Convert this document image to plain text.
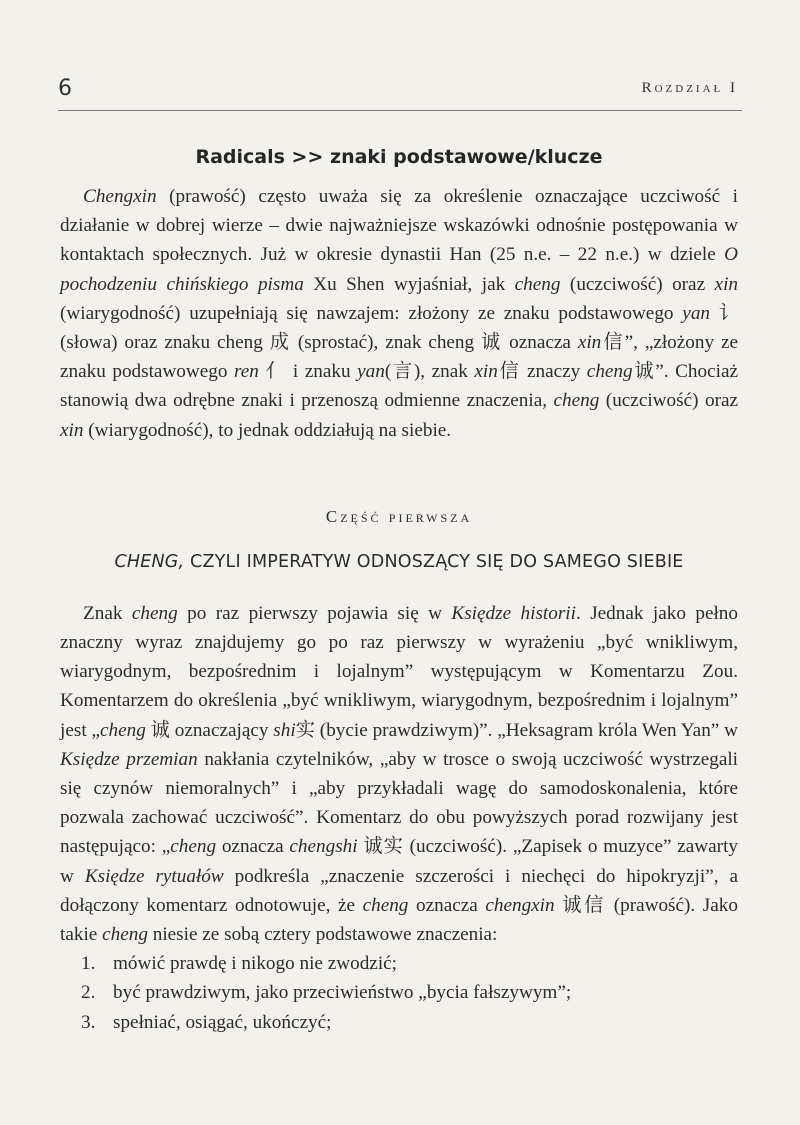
6	Rozdział I
Radicals >> znaki podstawowe/klucze

Chengxin (prawość) często uważa się za określenie oznaczające uczciwość i działanie w dobrej wierze – dwie najważniejsze wskazówki odnośnie postępowania w kontaktach społecznych. Już w okresie dynastii Han (25 n.e. – 22 n.e.) w dziele O pochodzeniu chińskiego pisma Xu Shen wyjaśniał, jak cheng (uczciwość) oraz xin (wiarygodność) uzupełniają się nawzajem: złożony ze znaku podstawowego yan 讠 (słowa) oraz znaku cheng 成 (sprostać), znak cheng 诚 oznacza xin信”, „złożony ze znaku podstawowego ren 亻 i znaku yan(言), znak xin信 znaczy cheng诚”. Chociaż stanowią dwa odrębne znaki i przenoszą odmienne znaczenia, cheng (uczciwość) oraz xin (wiarygodność), to jednak oddziałują na siebie.

Część pierwsza
CHENG, CZYLI IMPERATYW ODNOSZĄCY SIĘ DO SAMEGO SIEBIE

Znak cheng po raz pierwszy pojawia się w Księdze historii. Jednak jako pełno znaczny wyraz znajdujemy go po raz pierwszy w wyrażeniu „być wnikliwym, wiarygodnym, bezpośrednim i lojalnym” występującym w Komentarzu Zou. Komentarzem do określenia „być wnikliwym, wiarygodnym, bezpośrednim i lojalnym” jest „cheng 诚 oznaczający shi实 (bycie prawdziwym)”. „Heksagram króla Wen Yan” w Księdze przemian nakłania czytelników, „aby w trosce o swoją uczciwość wystrzegali się czynów niemoralnych” i „aby przykładali wagę do samodoskonalenia, które pozwala zachować uczciwość”. Komentarz do obu powyższych porad rozwijany jest następująco: „cheng oznacza chengshi 诚实 (uczciwość). „Zapisek o muzyce” zawarty w Księdze rytuałów podkreśla „znaczenie szczerości i niechęci do hipokryzji”, a dołączony komentarz odnotowuje, że cheng oznacza chengxin 诚信 (prawość). Jako takie cheng niesie ze sobą cztery podstawowe znaczenia:

1. mówić prawdę i nikogo nie zwodzić;
2. być prawdziwym, jako przeciwieństwo „bycia fałszywym”;
3. spełniać, osiągać, ukończyć;
